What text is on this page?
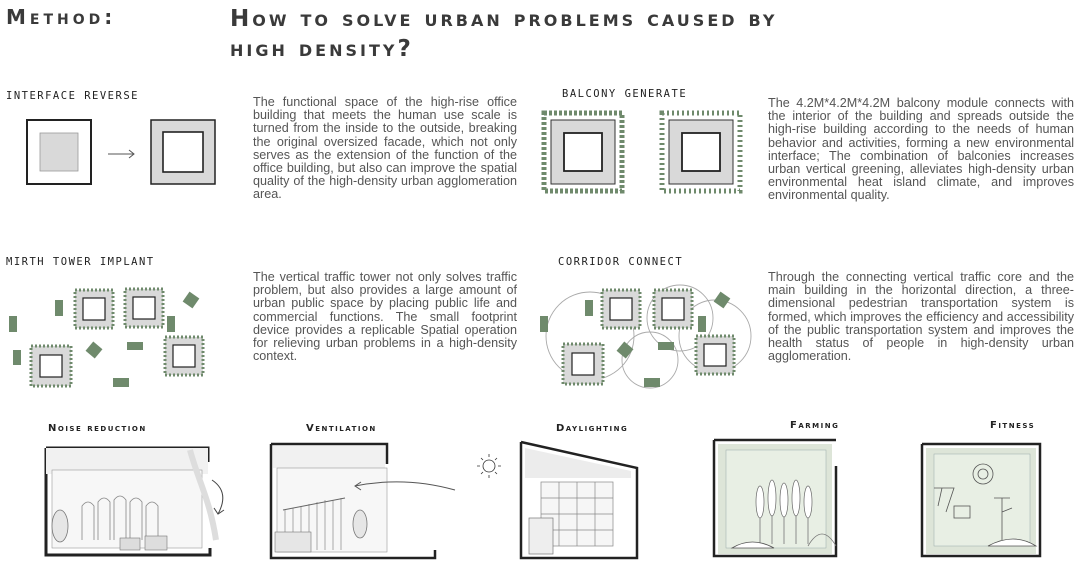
Method:	How to solve urban problems caused by
high density?
INTERFACE REVERSE	The functional space of the high-rise office building that meets the human use scale is turned from the inside to the outside, breaking the original oversized facade, which not only serves as the extension of the function of the office building, but also can improve the spatial quality of the high-density urban agglomeration area.
BALCONY GENERATE
The 4.2M*4.2M*4.2M balcony module connects with the interior of the building and spreads outside the high-rise building according to the needs of human behavior and activities, forming a new environmental interface; The combination of balconies increases urban vertical greening, alleviates high-density urban environmental heat island climate, and improves environmental quality.
MIRTH TOWER IMPLANT
The vertical traffic tower not only solves traffic problem, but also provides a large amount of urban public space by placing public life and commercial functions. The small footprint device provides a replicable Spatial operation for relieving urban problems in a high-density context.
CORRIDOR CONNECT
Through the connecting vertical traffic core and the main building in the horizontal direction, a three-dimensional pedestrian transportation system is formed, which improves the efficiency and accessibility of the public transportation system and improves the health status of people in high-density urban agglomeration.
Noise reduction	Ventilation	Daylighting	Farming	Fitness
